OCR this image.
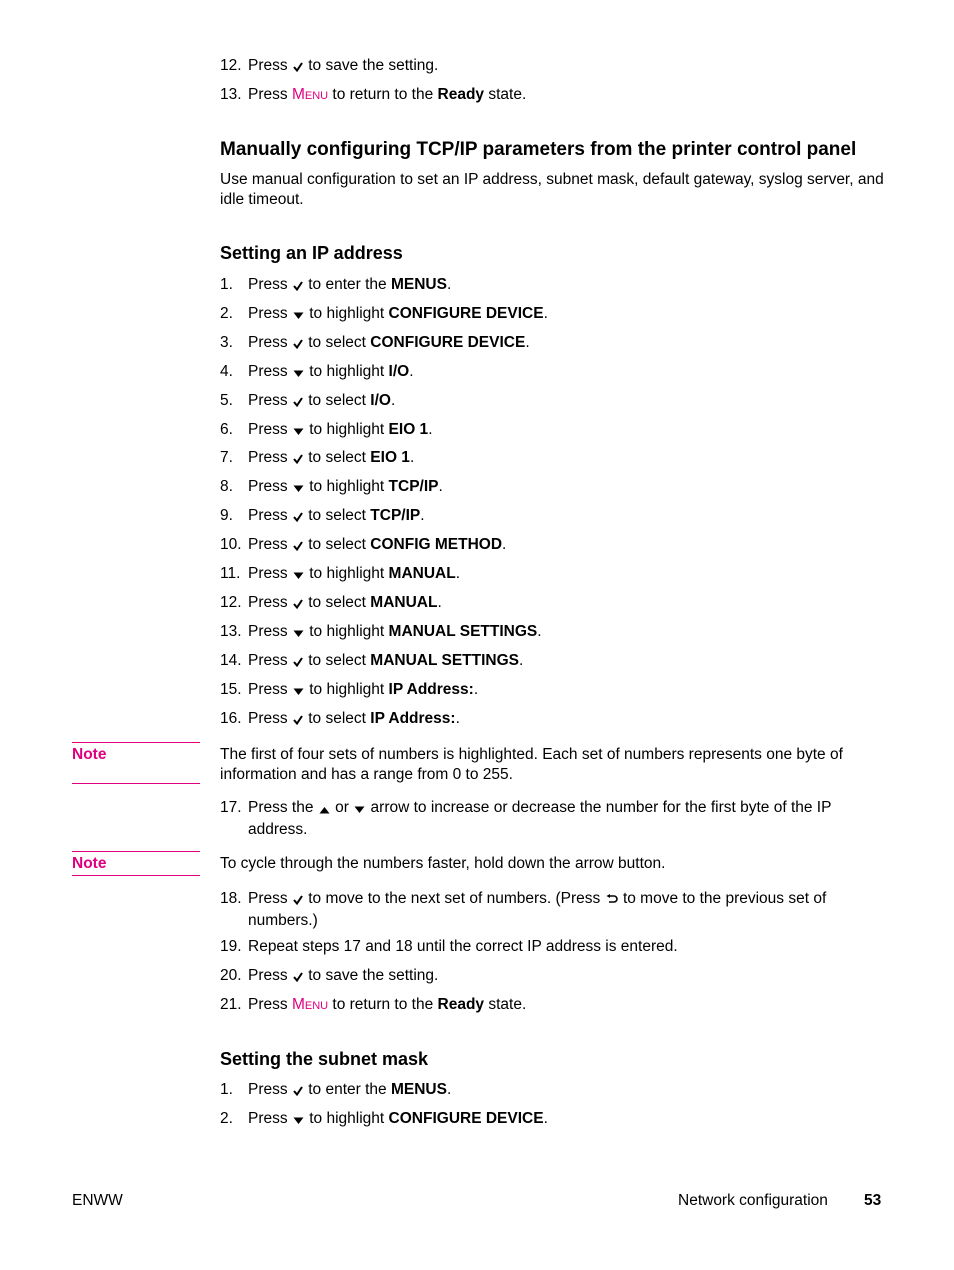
12. Press to save the setting.
13. Press MENU to return to the Ready state.
Manually configuring TCP/IP parameters from the printer control panel
Use manual configuration to set an IP address, subnet mask, default gateway, syslog server, and idle timeout.
Setting an IP address
1. Press to enter the MENUS.
2. Press to highlight CONFIGURE DEVICE.
3. Press to select CONFIGURE DEVICE.
4. Press to highlight I/O.
5. Press to select I/O.
6. Press to highlight EIO 1.
7. Press to select EIO 1.
8. Press to highlight TCP/IP.
9. Press to select TCP/IP.
10. Press to select CONFIG METHOD.
11. Press to highlight MANUAL.
12. Press to select MANUAL.
13. Press to highlight MANUAL SETTINGS.
14. Press to select MANUAL SETTINGS.
15. Press to highlight IP Address:.
16. Press to select IP Address:.
17. Press the or arrow to increase or decrease the number for the first byte of the IP address.
To cycle through the numbers faster, hold down the arrow button.
18. Press to move to the next set of numbers. (Press to move to the previous set of numbers.)
19. Repeat steps 17 and 18 until the correct IP address is entered.
20. Press to save the setting.
21. Press MENU to return to the Ready state.
Setting the subnet mask
1. Press to enter the MENUS.
2. Press to highlight CONFIGURE DEVICE.
Note	The first of four sets of numbers is highlighted. Each set of numbers represents one byte of information and has a range from 0 to 255.
Note
ENWW	Network configuration 53
